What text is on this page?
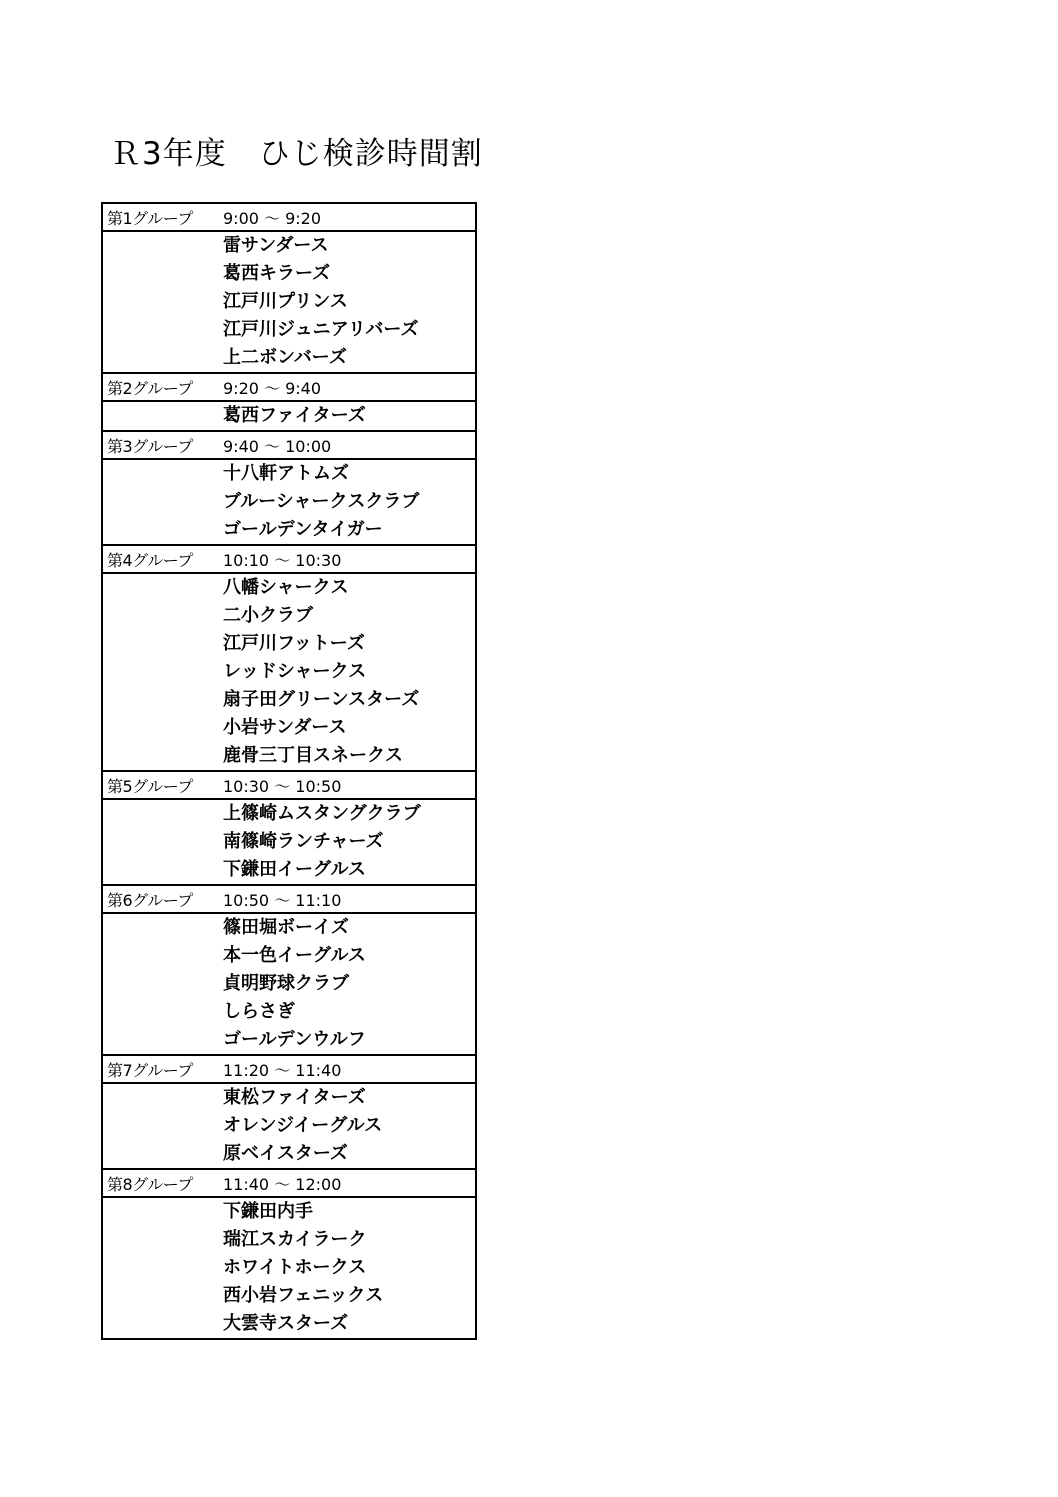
Ｒ3年度　ひじ検診時間割
第1グループ	9:00 ～ 9:20
雷サンダース
葛西キラーズ
江戸川プリンス
江戸川ジュニアリバーズ
上二ボンバーズ
第2グループ	9:20 ～ 9:40
葛西ファイターズ
第3グループ	9:40 ～ 10:00
十八軒アトムズ
ブルーシャークスクラブ
ゴールデンタイガー
第4グループ	10:10 ～ 10:30
八幡シャークス
二小クラブ
江戸川フットーズ
レッドシャークス
扇子田グリーンスターズ
小岩サンダース
鹿骨三丁目スネークス
第5グループ	10:30 ～ 10:50
上篠崎ムスタングクラブ
南篠崎ランチャーズ
下鎌田イーグルス
第6グループ	10:50 ～ 11:10
篠田堀ボーイズ
本一色イーグルス
貞明野球クラブ
しらさぎ
ゴールデンウルフ
第7グループ	11:20 ～ 11:40
東松ファイターズ
オレンジイーグルス
原ベイスターズ
第8グループ	11:40 ～ 12:00
下鎌田内手
瑞江スカイラーク
ホワイトホークス
西小岩フェニックス
大雲寺スターズ
